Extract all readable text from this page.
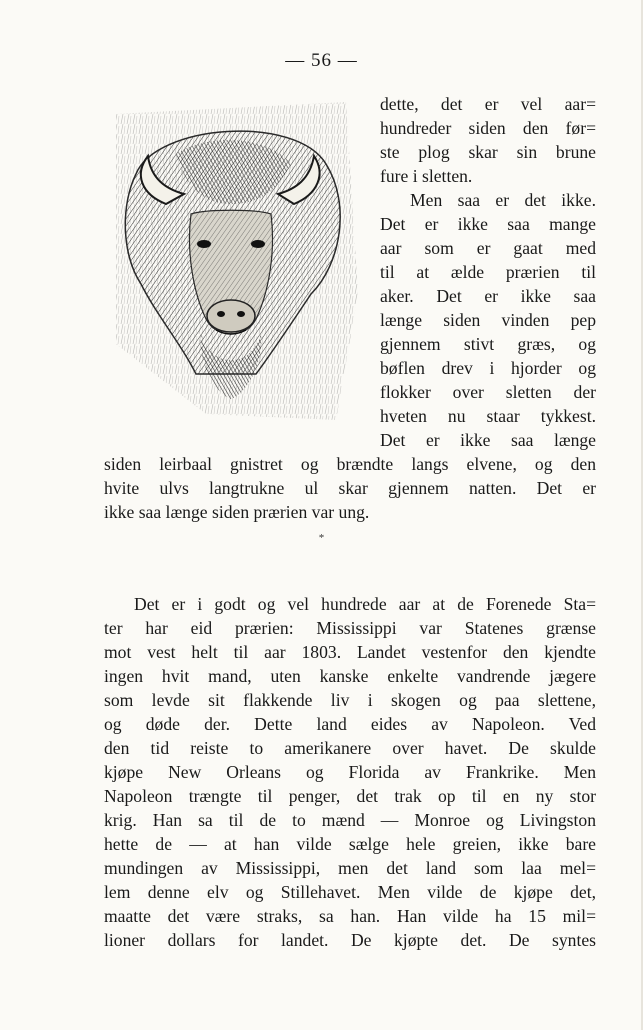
— 56 —
dette, det er vel aar=
hundreder siden den før=
ste plog skar sin brune
fure i sletten.
Men saa er det ikke.
Det er ikke saa mange
aar som er gaat med
til at ælde prærien til
aker. Det er ikke saa
længe siden vinden pep
gjennem stivt græs, og
bøflen drev i hjorder og
flokker over sletten der
hveten nu staar tykkest.
Det er ikke saa længe
siden leirbaal gnistret og brændte langs elvene, og den
hvite ulvs langtrukne ul skar gjennem natten. Det er
ikke saa længe siden prærien var ung.
*
Det er i godt og vel hundrede aar at de Forenede Sta=
ter har eid prærien: Mississippi var Statenes grænse
mot vest helt til aar 1803. Landet vestenfor den kjendte
ingen hvit mand, uten kanske enkelte vandrende jægere
som levde sit flakkende liv i skogen og paa slettene,
og døde der. Dette land eides av Napoleon. Ved
den tid reiste to amerikanere over havet. De skulde
kjøpe New Orleans og Florida av Frankrike. Men
Napoleon trængte til penger, det trak op til en ny stor
krig. Han sa til de to mænd — Monroe og Livingston
hette de — at han vilde sælge hele greien, ikke bare
mundingen av Mississippi, men det land som laa mel=
lem denne elv og Stillehavet. Men vilde de kjøpe det,
maatte det være straks, sa han. Han vilde ha 15 mil=
lioner dollars for landet. De kjøpte det. De syntes
